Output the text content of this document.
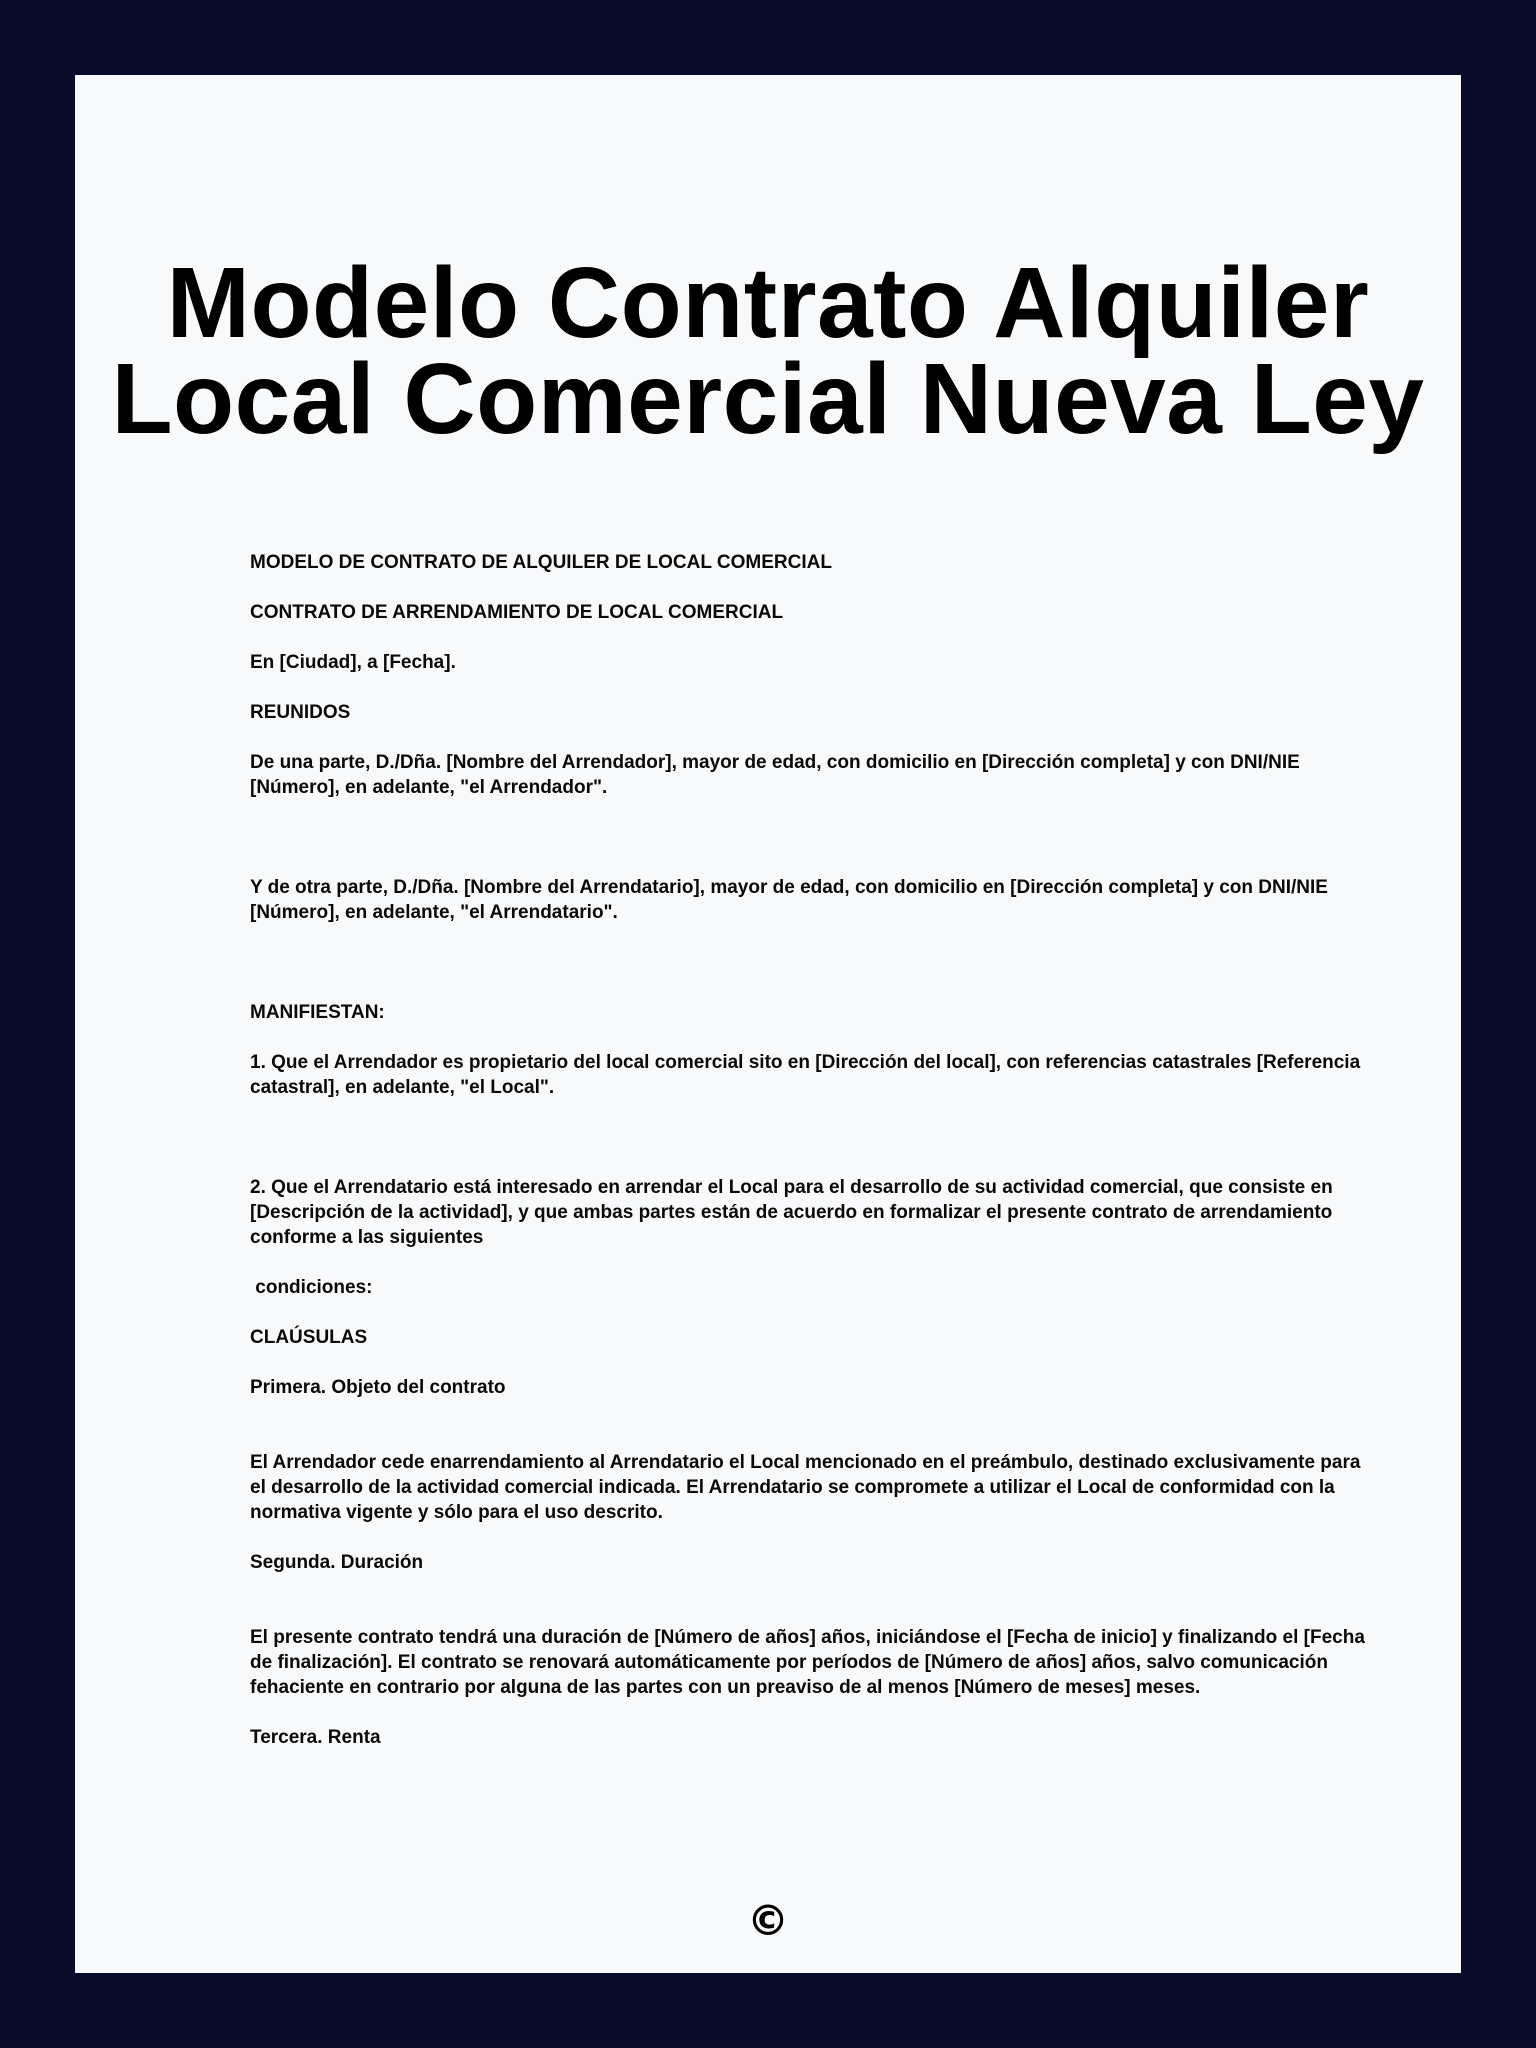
Modelo Contrato Alquiler
Local Comercial Nueva Ley

MODELO DE CONTRATO DE ALQUILER DE LOCAL COMERCIAL

CONTRATO DE ARRENDAMIENTO DE LOCAL COMERCIAL

En [Ciudad], a [Fecha].

REUNIDOS

De una parte, D./Dña. [Nombre del Arrendador], mayor de edad, con domicilio en [Dirección completa] y con DNI/NIE [Número], en adelante, "el Arrendador".

Y de otra parte, D./Dña. [Nombre del Arrendatario], mayor de edad, con domicilio en [Dirección completa] y con DNI/NIE [Número], en adelante, "el Arrendatario".

MANIFIESTAN:

1. Que el Arrendador es propietario del local comercial sito en [Dirección del local], con referencias catastrales [Referencia catastral], en adelante, "el Local".

2. Que el Arrendatario está interesado en arrendar el Local para el desarrollo de su actividad comercial, que consiste en [Descripción de la actividad], y que ambas partes están de acuerdo en formalizar el presente contrato de arrendamiento conforme a las siguientes

condiciones:

CLAÚSULAS

Primera. Objeto del contrato

El Arrendador cede enarrendamiento al Arrendatario el Local mencionado en el preámbulo, destinado exclusivamente para el desarrollo de la actividad comercial indicada. El Arrendatario se compromete a utilizar el Local de conformidad con la normativa vigente y sólo para el uso descrito.

Segunda. Duración

El presente contrato tendrá una duración de [Número de años] años, iniciándose el [Fecha de inicio] y finalizando el [Fecha de finalización]. El contrato se renovará automáticamente por períodos de [Número de años] años, salvo comunicación fehaciente en contrario por alguna de las partes con un preaviso de al menos [Número de meses] meses.

Tercera. Renta

©
